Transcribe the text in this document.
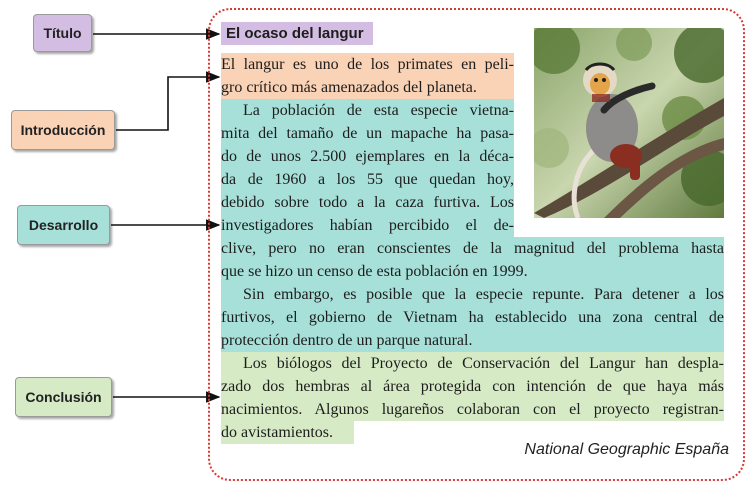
Título
Introducción
Desarrollo
Conclusión
El ocaso del langur
El langur es uno de los primates en peli-
gro crítico más amenazados del planeta.
La población de esta especie vietna-
mita del tamaño de un mapache ha pasa-
do de unos 2.500 ejemplares en la déca-
da de 1960 a los 55 que quedan hoy,
debido sobre todo a la caza furtiva. Los
investigadores habían percibido el de-
clive, pero no eran conscientes de la magnitud del problema hasta
que se hizo un censo de esta población en 1999.
Sin embargo, es posible que la especie repunte. Para detener a los
furtivos, el gobierno de Vietnam ha establecido una zona central de
protección dentro de un parque natural.
Los biólogos del Proyecto de Conservación del Langur han despla-
zado dos hembras al área protegida con intención de que haya más
nacimientos. Algunos lugareños colaboran con el proyecto registran-
do avistamientos.
National Geographic España
